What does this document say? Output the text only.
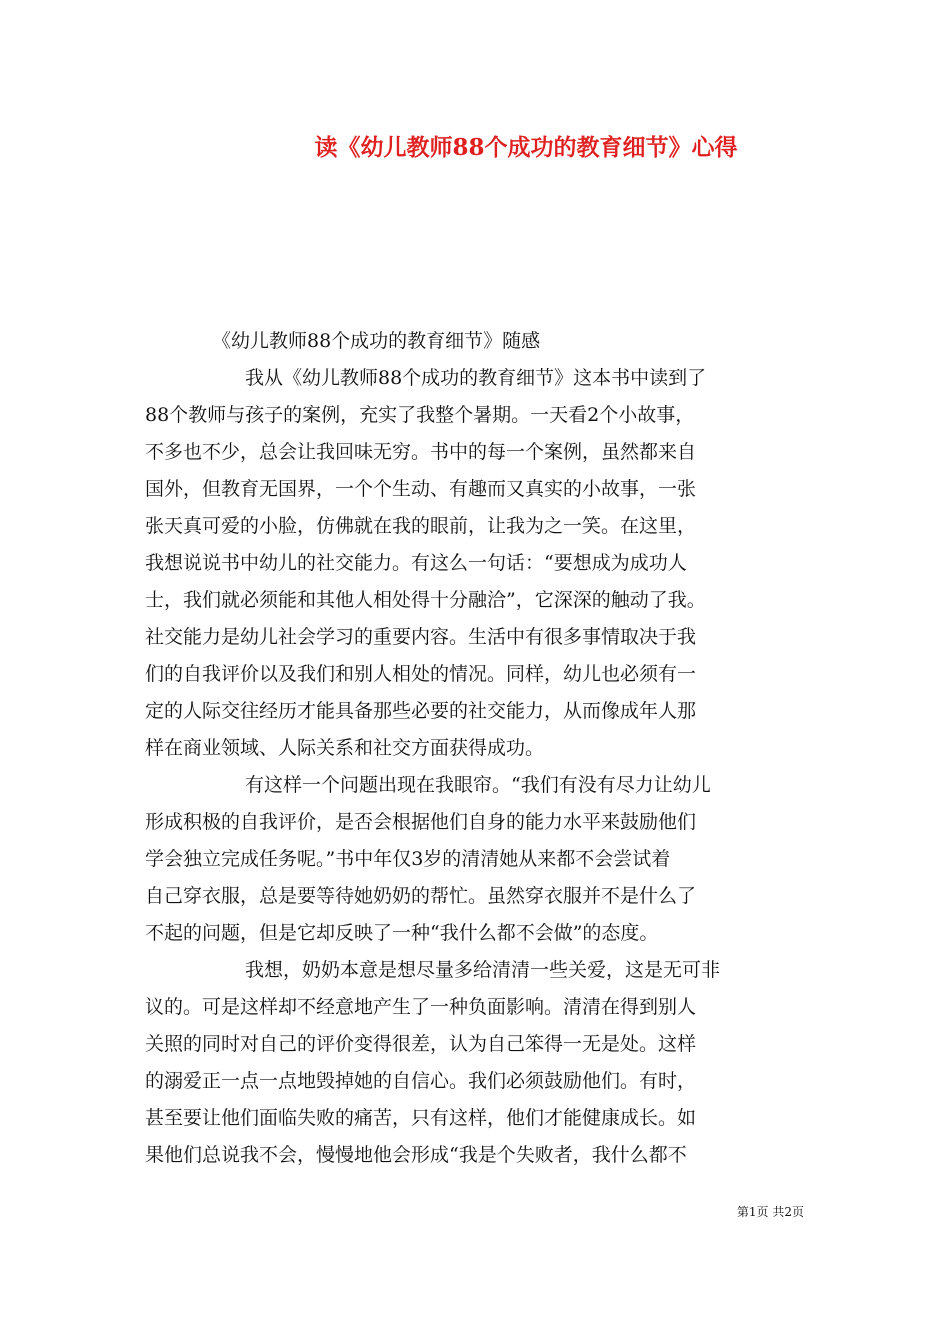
读《幼儿教师88个成功的教育细节》心得
《幼儿教师88个成功的教育细节》随感
我从《幼儿教师88个成功的教育细节》这本书中读到了
88个教师与孩子的案例，充实了我整个暑期。一天看2个小故事，
不多也不少，总会让我回味无穷。书中的每一个案例，虽然都来自
国外，但教育无国界，一个个生动、有趣而又真实的小故事，一张
张天真可爱的小脸，仿佛就在我的眼前，让我为之一笑。在这里，
我想说说书中幼儿的社交能力。有这么一句话：“要想成为成功人
士，我们就必须能和其他人相处得十分融洽”，它深深的触动了我。
社交能力是幼儿社会学习的重要内容。生活中有很多事情取决于我
们的自我评价以及我们和别人相处的情况。同样，幼儿也必须有一
定的人际交往经历才能具备那些必要的社交能力，从而像成年人那
样在商业领域、人际关系和社交方面获得成功。
有这样一个问题出现在我眼帘。“我们有没有尽力让幼儿
形成积极的自我评价，是否会根据他们自身的能力水平来鼓励他们
学会独立完成任务呢。”书中年仅3岁的清清她从来都不会尝试着
自己穿衣服，总是要等待她奶奶的帮忙。虽然穿衣服并不是什么了
不起的问题，但是它却反映了一种“我什么都不会做”的态度。
我想，奶奶本意是想尽量多给清清一些关爱，这是无可非
议的。可是这样却不经意地产生了一种负面影响。清清在得到别人
关照的同时对自己的评价变得很差，认为自己笨得一无是处。这样
的溺爱正一点一点地毁掉她的自信心。我们必须鼓励他们。有时，
甚至要让他们面临失败的痛苦，只有这样，他们才能健康成长。如
果他们总说我不会，慢慢地他会形成“我是个失败者，我什么都不
第1页 共2页
